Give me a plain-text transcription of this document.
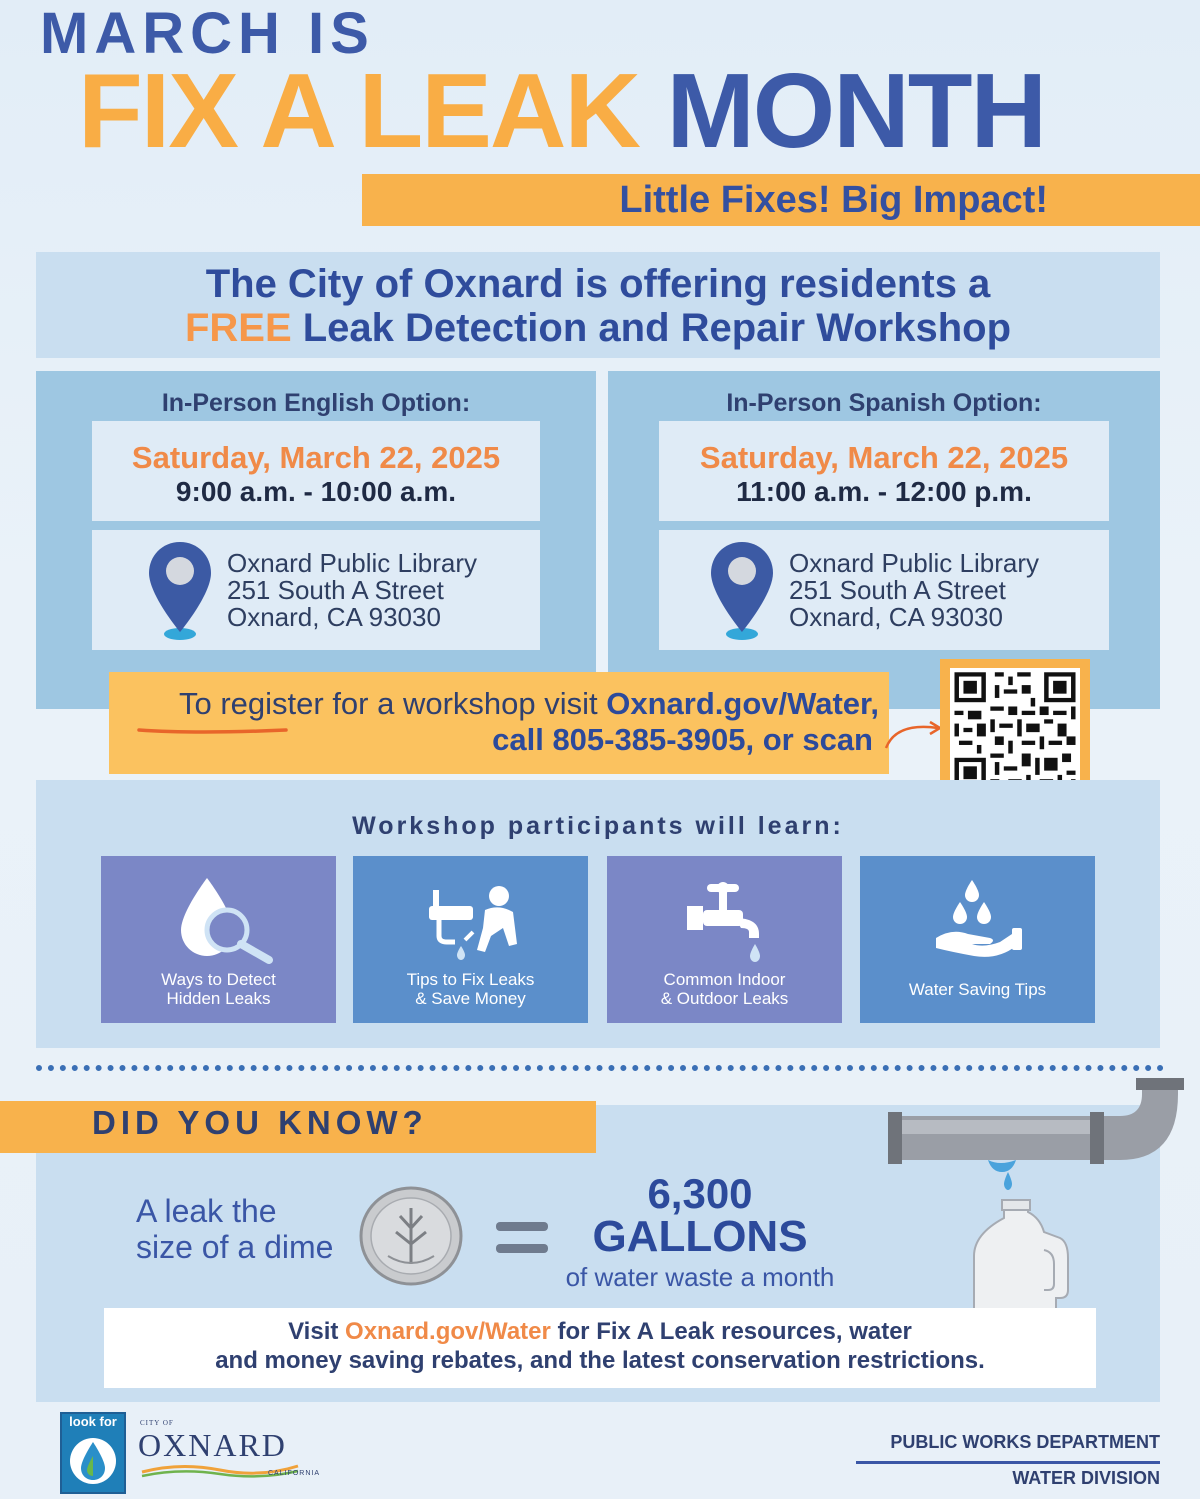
MARCH IS
FIX A LEAK MONTH
Little Fixes! Big Impact!
The City of Oxnard is offering residents a
FREE Leak Detection and Repair Workshop
In-Person English Option:
Saturday, March 22, 2025
9:00 a.m. - 10:00 a.m.
Oxnard Public Library
251 South A Street
Oxnard, CA 93030
In-Person Spanish Option:
Saturday, March 22, 2025
11:00 a.m. - 12:00 p.m.
Oxnard Public Library
251 South A Street
Oxnard, CA 93030
To register for a workshop visit Oxnard.gov/Water,
call 805-385-3905, or scan
Workshop participants will learn:
Ways to Detect
Hidden Leaks
Tips to Fix Leaks
& Save Money
Common Indoor
& Outdoor Leaks	Water Saving Tips
DID YOU KNOW?
A leak the
size of a dime
6,300
GALLONS
of water waste a month
Visit Oxnard.gov/Water for Fix A Leak resources, water
and money saving rebates, and the latest conservation restrictions.
look for	CITY OF
OXNARD
CALIFORNIA
PUBLIC WORKS DEPARTMENT
WATER DIVISION
